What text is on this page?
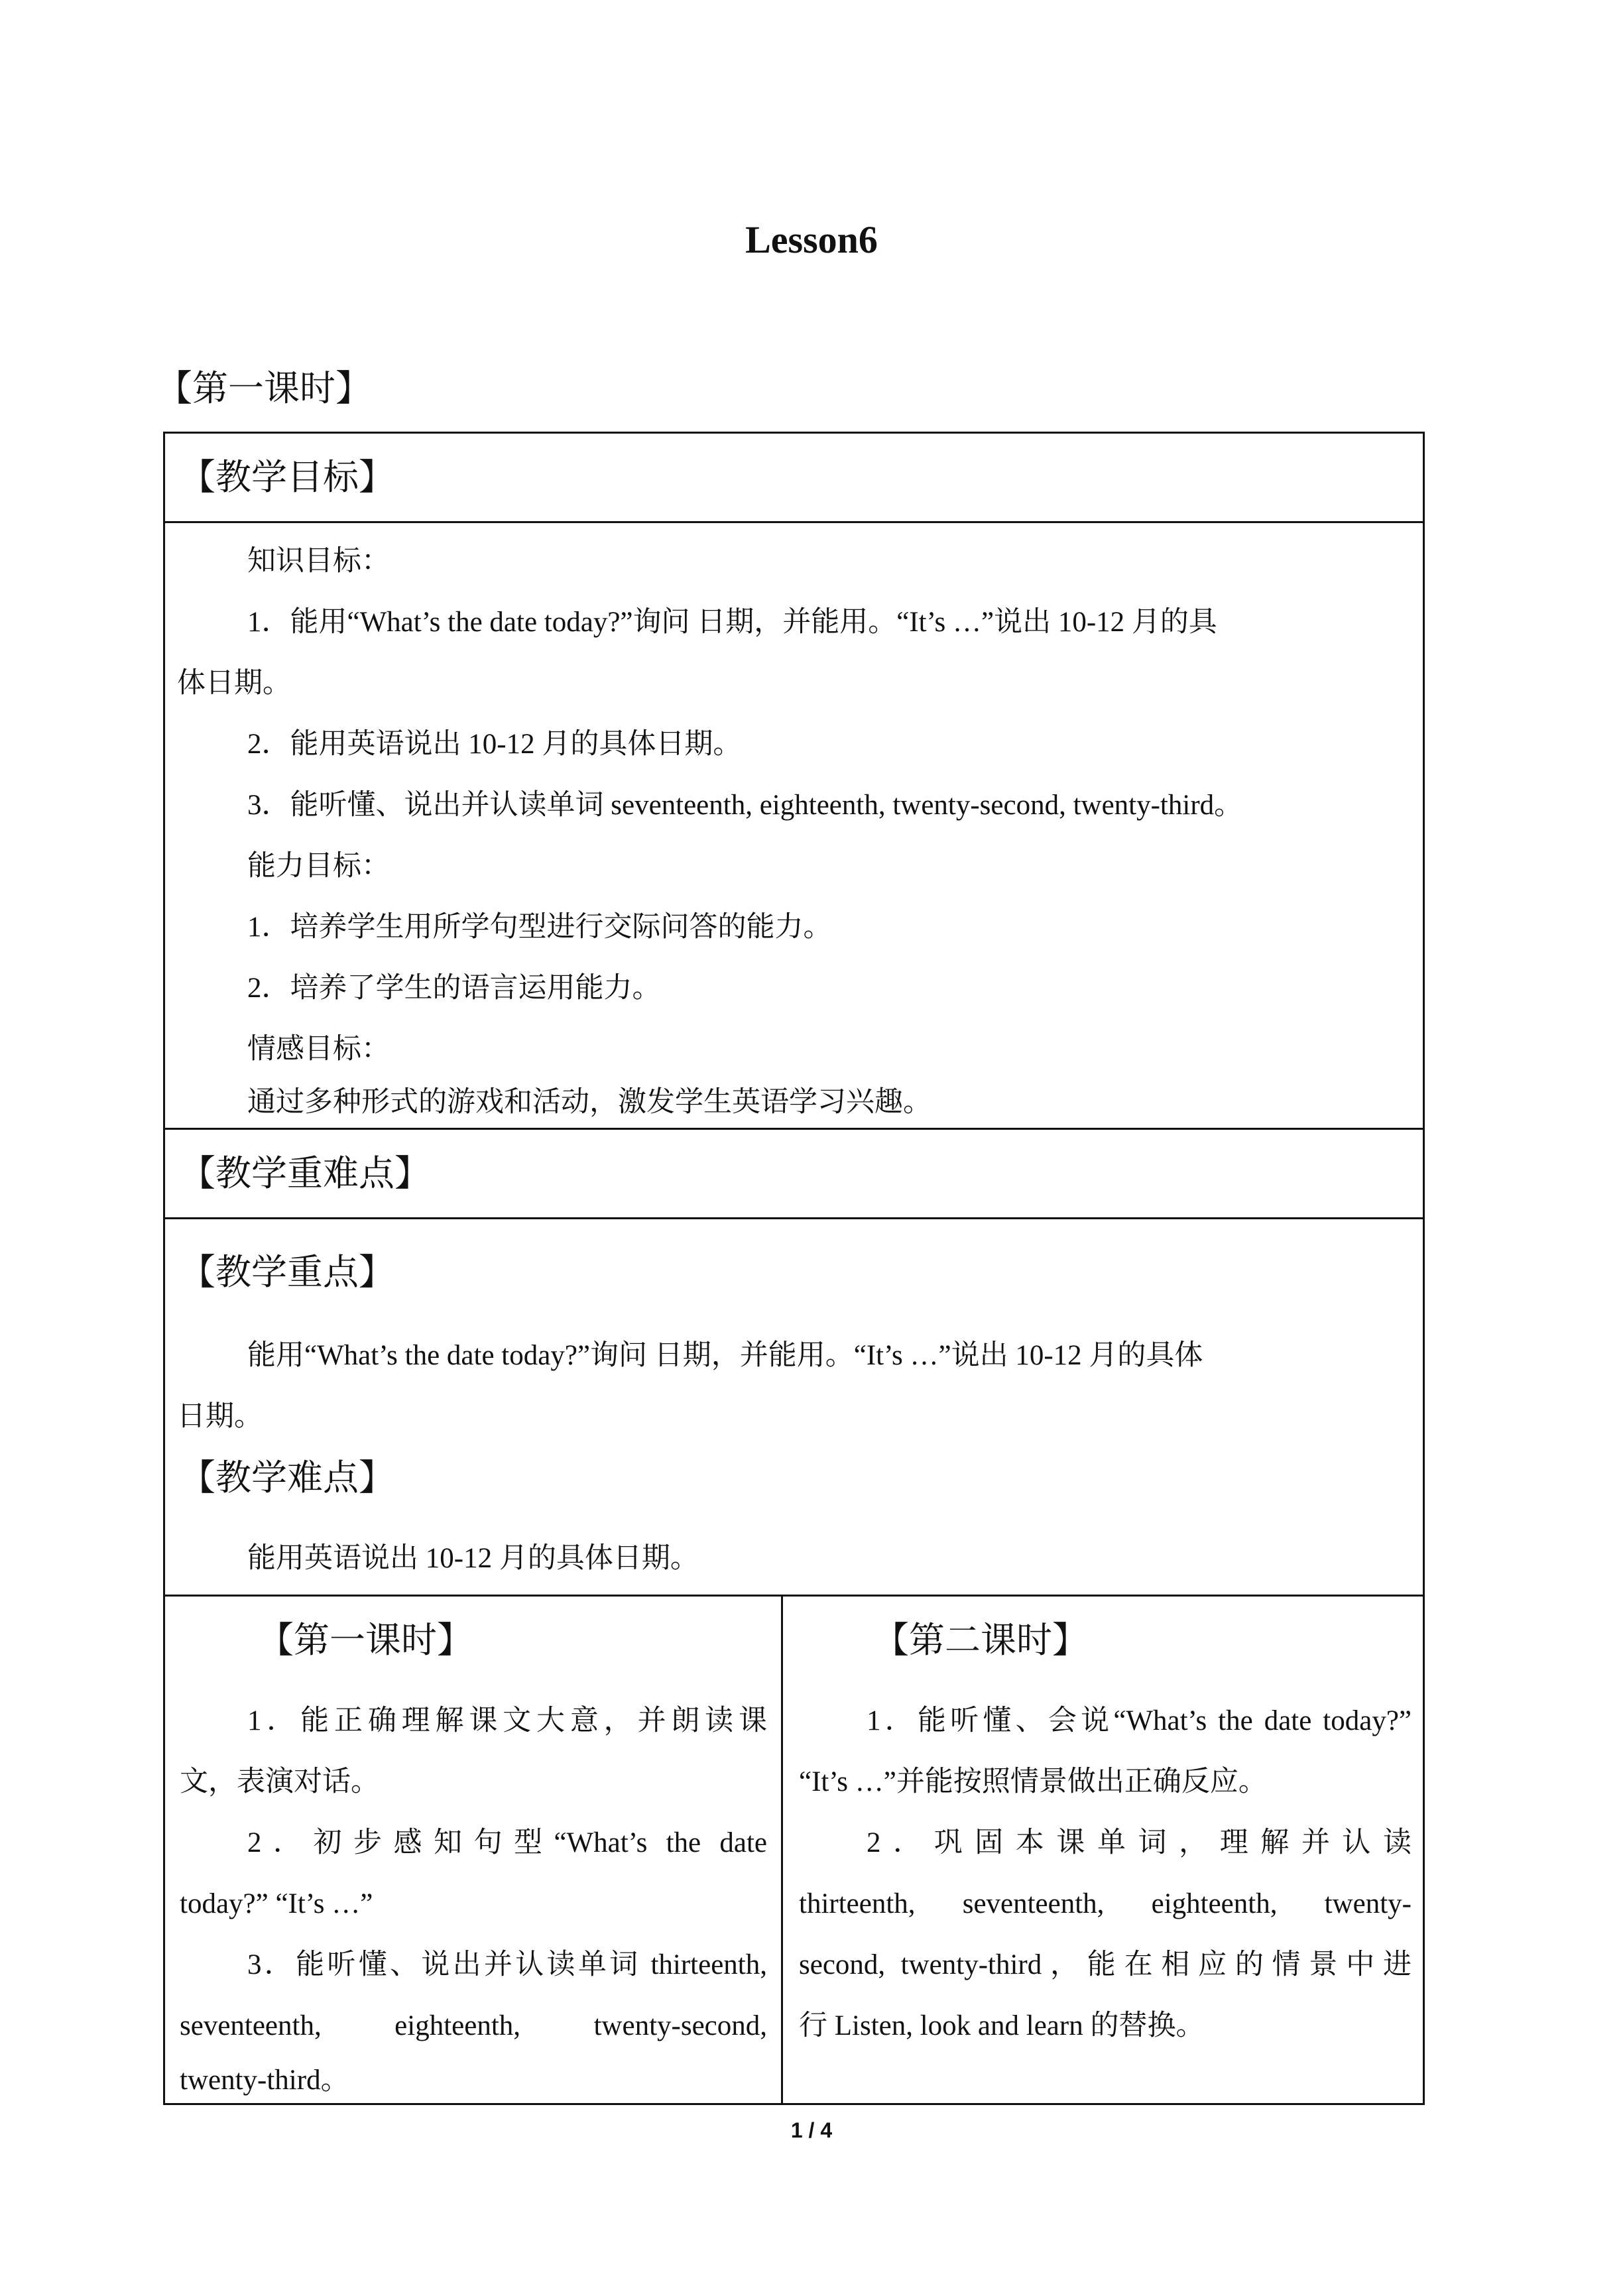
Lesson6

【第一课时】

【教学目标】

知识目标：

1．能用“What’s the date today?”询问 日期，并能用。“It’s …”说出 10-12 月的具

体日期。

2．能用英语说出 10-12 月的具体日期。

3．能听懂、说出并认读单词 seventeenth, eighteenth, twenty-second, twenty-third。

能力目标：

1．培养学生用所学句型进行交际问答的能力。

2．培养了学生的语言运用能力。

情感目标：

通过多种形式的游戏和活动，激发学生英语学习兴趣。

【教学重难点】

【教学重点】

能用“What’s the date today?”询问 日期，并能用。“It’s …”说出 10-12 月的具体

日期。

【教学难点】

能用英语说出 10-12 月的具体日期。

【第一课时】

1．能正确理解课文大意，并朗读课

文，表演对话。

2．初步感知句型“What’s the date

today?” “It’s …”

3．能听懂、说出并认读单词 thirteenth,

seventeenth, eighteenth, twenty-second,

twenty-third。

【第二课时】

1．能听懂、会说“What’s the date today?”

“It’s …”并能按照情景做出正确反应。

2．巩固本课单词，理解并认读

thirteenth, seventeenth, eighteenth, twenty-

second, twenty-third，能在相应的情景中进

行 Listen, look and learn 的替换。

1 / 4
